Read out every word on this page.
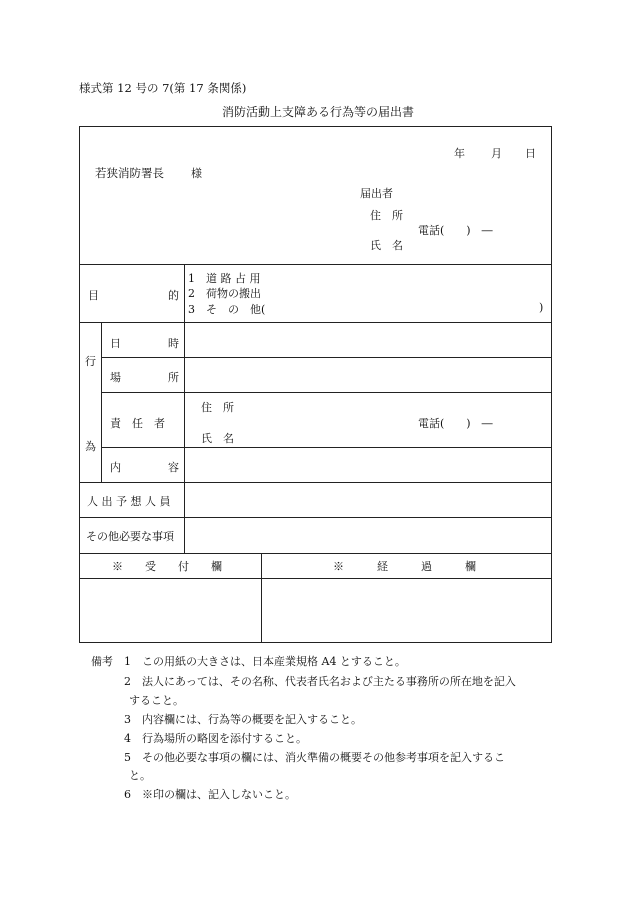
様式第 12 号の 7(第 17 条関係)
消防活動上支障ある行為等の届出書
年 月 日
若狭消防署長 様
届出者
住　所
電話(　　)　―
氏　名
目	的
1　道 路 占 用
2　荷物の搬出
3　そ　の　他(	)
行
為
日	時
場	所
責　任　者
住　所
電話(　　)　―
氏　名
内	容
人 出 予 想 人 員
その他必要な事項
※　　受　　付　　欄	※　　　経　　　過　　　欄
備考 1　この用紙の大きさは、日本産業規格 A4 とすること。
2　法人にあっては、その名称、代表者氏名および主たる事務所の所在地を記入
すること。
3　内容欄には、行為等の概要を記入すること。
4　行為場所の略図を添付すること。
5　その他必要な事項の欄には、消火準備の概要その他参考事項を記入するこ
と。
6　※印の欄は、記入しないこと。
